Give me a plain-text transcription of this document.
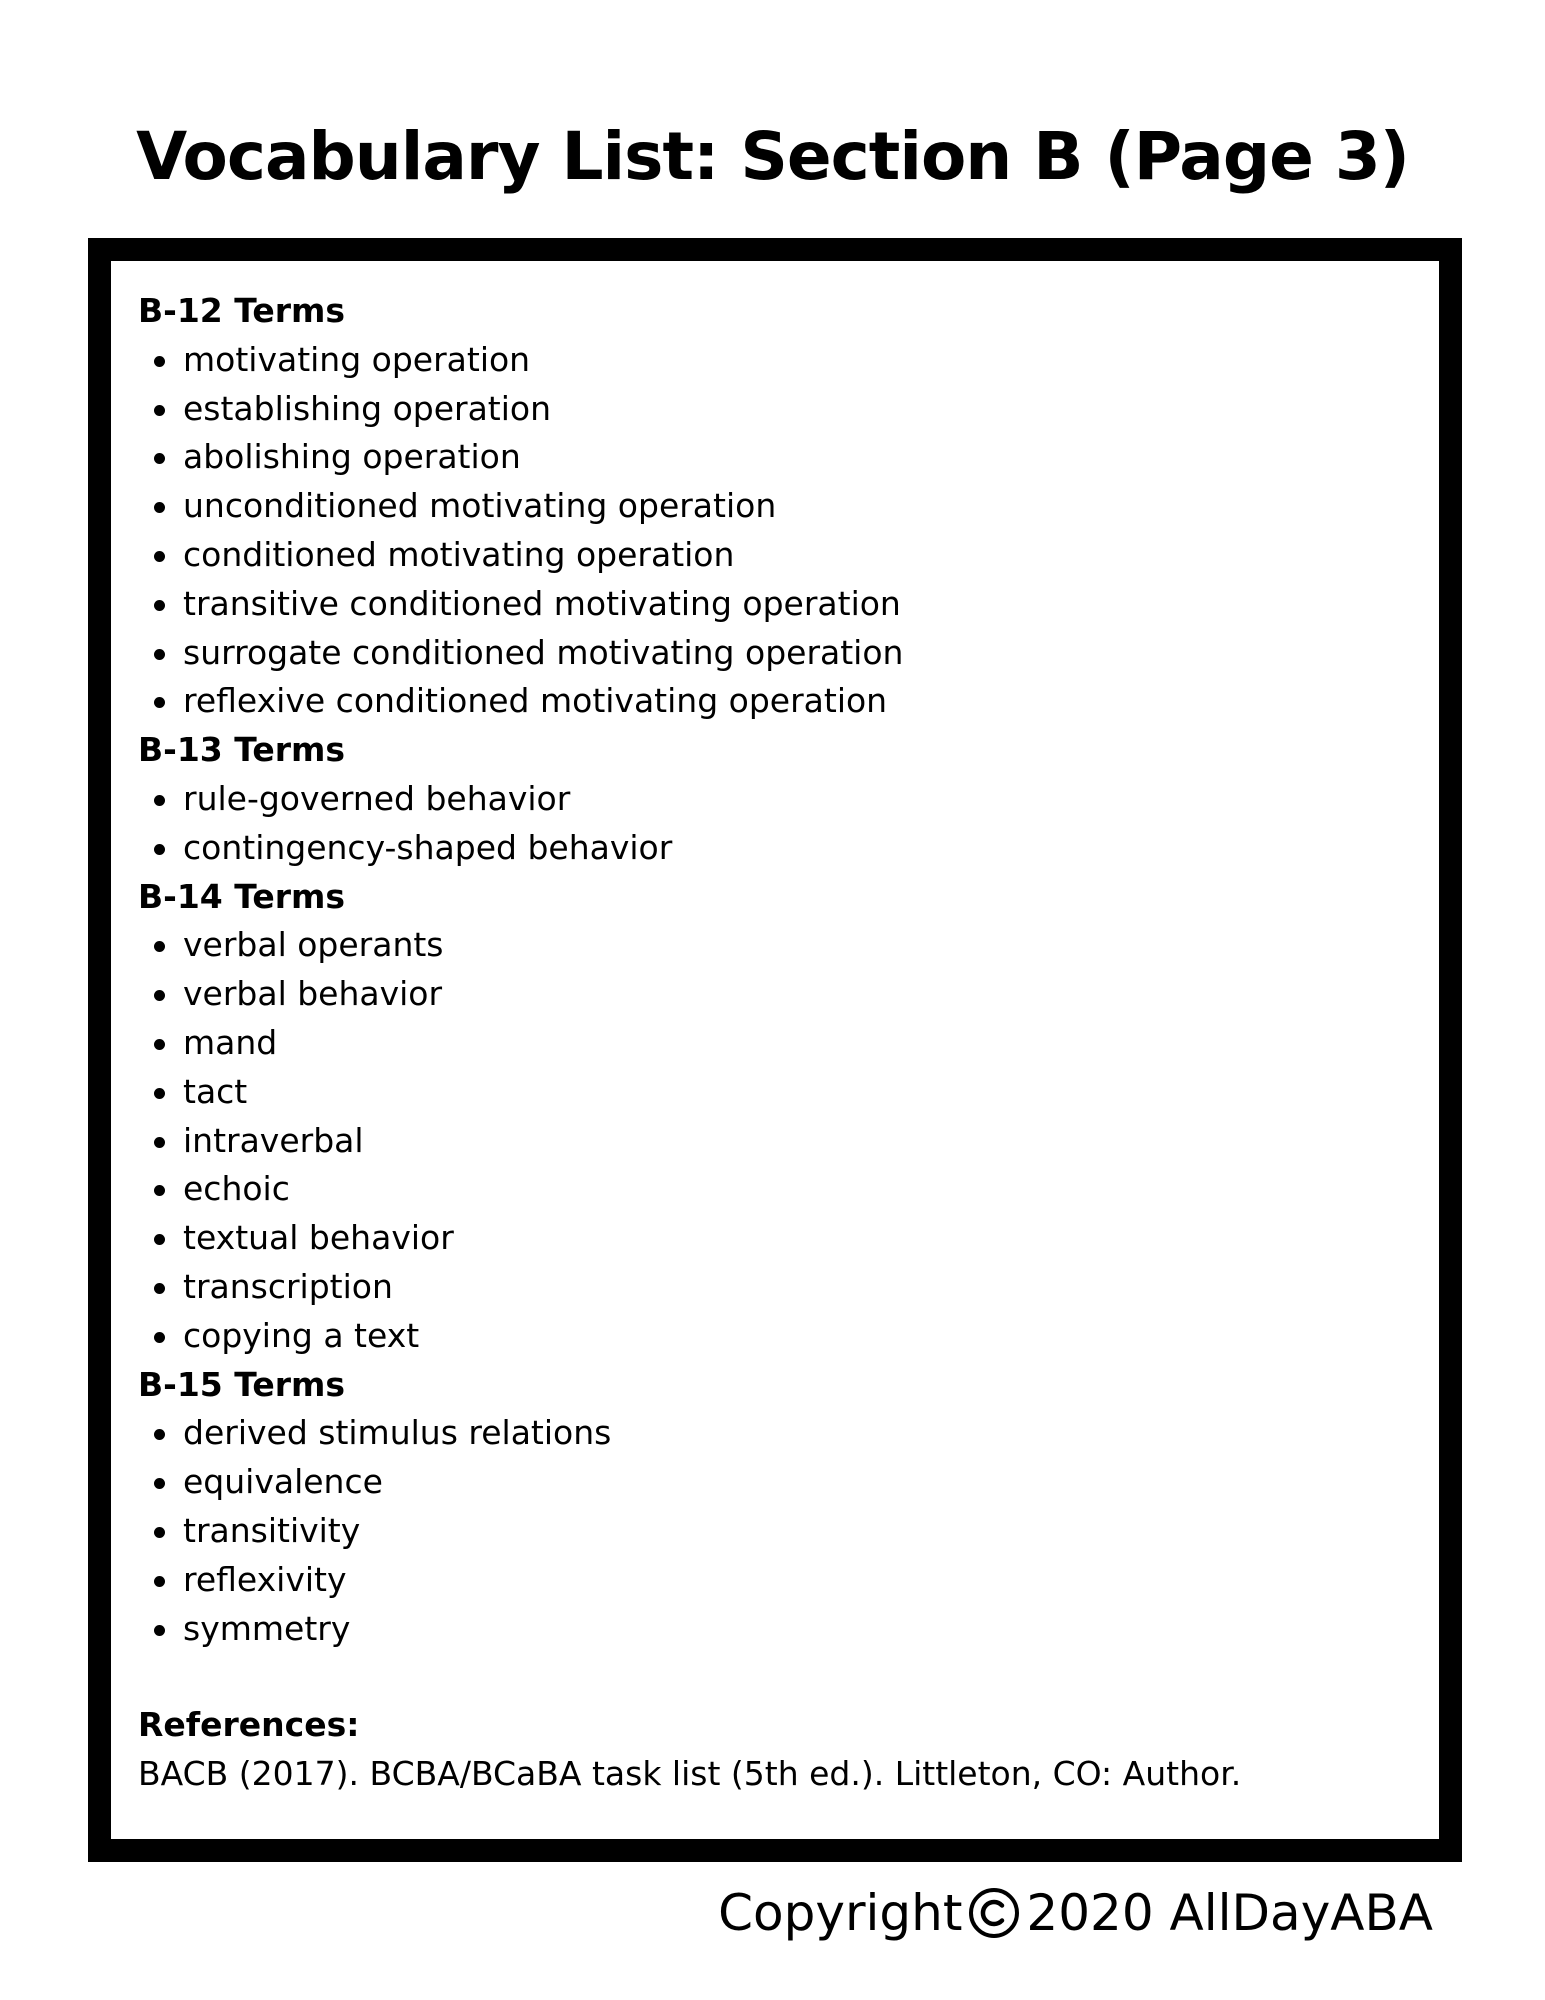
Vocabulary List: Section B (Page 3)
B-12 Terms
motivating operation
establishing operation
abolishing operation
unconditioned motivating operation
conditioned motivating operation
transitive conditioned motivating operation
surrogate conditioned motivating operation
reflexive conditioned motivating operation
B-13 Terms
rule-governed behavior
contingency-shaped behavior
B-14 Terms
verbal operants
verbal behavior
mand
tact
intraverbal
echoic
textual behavior
transcription
copying a text
B-15 Terms
derived stimulus relations
equivalence
transitivity
reflexivity
symmetry
References:
BACB (2017). BCBA/BCaBA task list (5th ed.). Littleton, CO: Author.
Copyright 2020 AllDayABA
